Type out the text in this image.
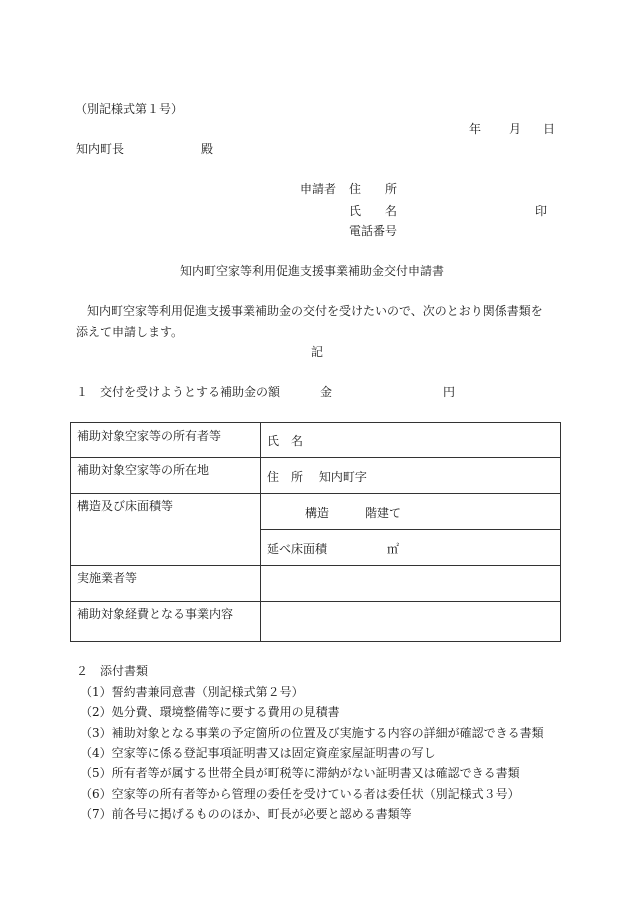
（別記様式第１号）
年 月 日
知内町長	殿
申請者 住　　所
氏　　名	印
電話番号
知内町空家等利用促進支援事業補助金交付申請書
知内町空家等利用促進支援事業補助金の交付を受けたいので、次のとおり関係書類を
添えて申請します。
記
１　交付を受けようとする補助金の額	金	円
補助対象空家等の所有者等	氏　名
補助対象空家等の所在地	住　所　 知内町字
構造及び床面積等	構造　　　階建て
延べ床面積　　　　　㎡
実施業者等
補助対象経費となる事業内容
２　添付書類
（1）誓約書兼同意書（別記様式第２号）
（2）処分費、環境整備等に要する費用の見積書
（3）補助対象となる事業の予定箇所の位置及び実施する内容の詳細が確認できる書類
（4）空家等に係る登記事項証明書又は固定資産家屋証明書の写し
（5）所有者等が属する世帯全員が町税等に滞納がない証明書又は確認できる書類
（6）空家等の所有者等から管理の委任を受けている者は委任状（別記様式３号）
（7）前各号に掲げるもののほか、町長が必要と認める書類等
